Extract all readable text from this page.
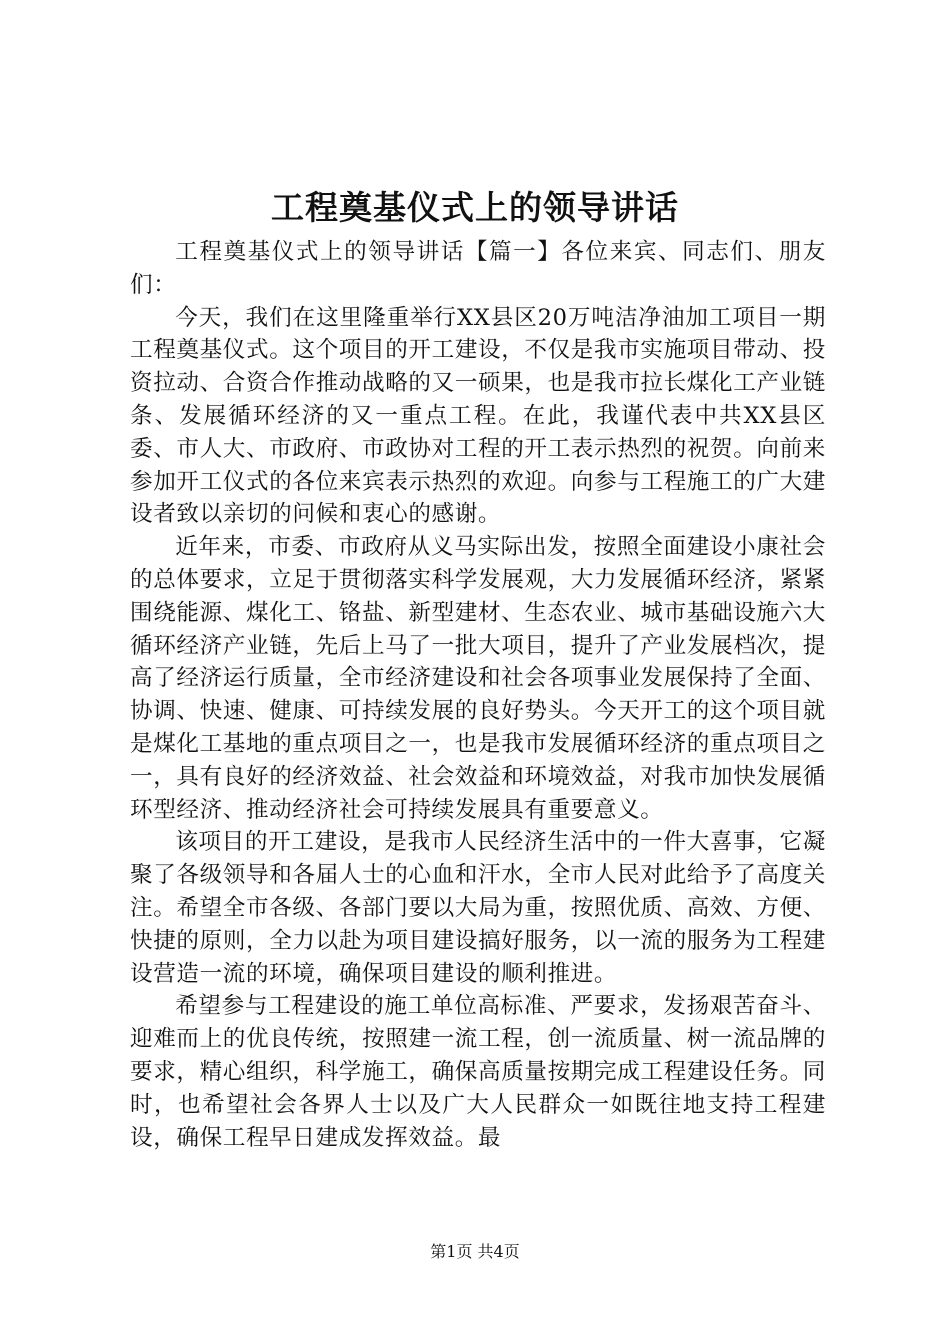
工程奠基仪式上的领导讲话

工程奠基仪式上的领导讲话【篇一】各位来宾、同志们、朋友们：

今天，我们在这里隆重举行XX县区20万吨洁净油加工项目一期工程奠基仪式。这个项目的开工建设，不仅是我市实施项目带动、投资拉动、合资合作推动战略的又一硕果，也是我市拉长煤化工产业链条、发展循环经济的又一重点工程。在此，我谨代表中共XX县区委、市人大、市政府、市政协对工程的开工表示热烈的祝贺。向前来参加开工仪式的各位来宾表示热烈的欢迎。向参与工程施工的广大建设者致以亲切的问候和衷心的感谢。

近年来，市委、市政府从义马实际出发，按照全面建设小康社会的总体要求，立足于贯彻落实科学发展观，大力发展循环经济，紧紧围绕能源、煤化工、铬盐、新型建材、生态农业、城市基础设施六大循环经济产业链，先后上马了一批大项目，提升了产业发展档次，提高了经济运行质量，全市经济建设和社会各项事业发展保持了全面、协调、快速、健康、可持续发展的良好势头。今天开工的这个项目就是煤化工基地的重点项目之一，也是我市发展循环经济的重点项目之一，具有良好的经济效益、社会效益和环境效益，对我市加快发展循环型经济、推动经济社会可持续发展具有重要意义。

该项目的开工建设，是我市人民经济生活中的一件大喜事，它凝聚了各级领导和各届人士的心血和汗水，全市人民对此给予了高度关注。希望全市各级、各部门要以大局为重，按照优质、高效、方便、快捷的原则，全力以赴为项目建设搞好服务，以一流的服务为工程建设营造一流的环境，确保项目建设的顺利推进。

希望参与工程建设的施工单位高标准、严要求，发扬艰苦奋斗、迎难而上的优良传统，按照建一流工程，创一流质量、树一流品牌的要求，精心组织，科学施工，确保高质量按期完成工程建设任务。同时，也希望社会各界人士以及广大人民群众一如既往地支持工程建设，确保工程早日建成发挥效益。最

第1页 共4页
